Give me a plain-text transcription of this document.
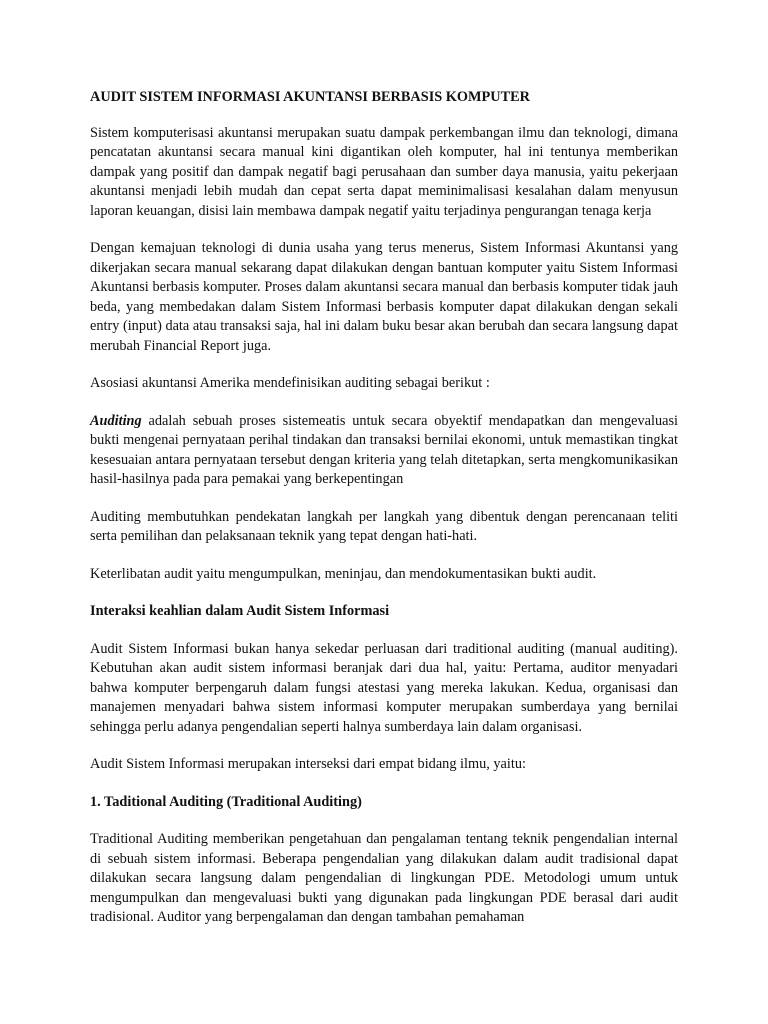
AUDIT SISTEM INFORMASI AKUNTANSI BERBASIS KOMPUTER

Sistem komputerisasi akuntansi merupakan suatu dampak perkembangan ilmu dan teknologi, dimana pencatatan akuntansi secara manual kini digantikan oleh komputer, hal ini tentunya memberikan dampak yang positif dan dampak negatif bagi perusahaan dan sumber daya manusia, yaitu pekerjaan akuntansi menjadi lebih mudah dan cepat serta dapat meminimalisasi kesalahan dalam menyusun laporan keuangan, disisi lain membawa dampak negatif yaitu terjadinya pengurangan tenaga kerja

Dengan kemajuan teknologi di dunia usaha yang terus menerus, Sistem Informasi Akuntansi yang dikerjakan secara manual sekarang dapat dilakukan dengan bantuan komputer yaitu Sistem Informasi Akuntansi berbasis komputer. Proses dalam akuntansi secara manual dan berbasis komputer tidak jauh beda, yang membedakan dalam Sistem Informasi berbasis komputer dapat dilakukan dengan sekali entry (input) data atau transaksi saja, hal ini dalam buku besar akan berubah dan secara langsung dapat merubah Financial Report juga.

Asosiasi akuntansi Amerika mendefinisikan auditing sebagai berikut :

Auditing adalah sebuah proses sistemeatis untuk secara obyektif mendapatkan dan mengevaluasi bukti mengenai pernyataan perihal tindakan dan transaksi bernilai ekonomi, untuk memastikan tingkat kesesuaian antara pernyataan tersebut dengan kriteria yang telah ditetapkan, serta mengkomunikasikan hasil-hasilnya pada para pemakai yang berkepentingan

Auditing membutuhkan pendekatan langkah per langkah yang dibentuk dengan perencanaan teliti serta pemilihan dan pelaksanaan teknik yang tepat dengan hati-hati.

Keterlibatan audit yaitu mengumpulkan, meninjau, dan mendokumentasikan bukti audit.

Interaksi keahlian dalam Audit Sistem Informasi

Audit Sistem Informasi bukan hanya sekedar perluasan dari traditional auditing (manual auditing). Kebutuhan akan audit sistem informasi beranjak dari dua hal, yaitu: Pertama, auditor menyadari bahwa komputer berpengaruh dalam fungsi atestasi yang mereka lakukan. Kedua, organisasi dan manajemen menyadari bahwa sistem informasi komputer merupakan sumberdaya yang bernilai sehingga perlu adanya pengendalian seperti halnya sumberdaya lain dalam organisasi.

Audit Sistem Informasi merupakan interseksi dari empat bidang ilmu, yaitu:

1. Taditional Auditing (Traditional Auditing)

Traditional Auditing memberikan pengetahuan dan pengalaman tentang teknik pengendalian internal di sebuah sistem informasi. Beberapa pengendalian yang dilakukan dalam audit tradisional dapat dilakukan secara langsung dalam pengendalian di lingkungan PDE. Metodologi umum untuk mengumpulkan dan mengevaluasi bukti yang digunakan pada lingkungan PDE berasal dari audit tradisional. Auditor yang berpengalaman dan dengan tambahan pemahaman
